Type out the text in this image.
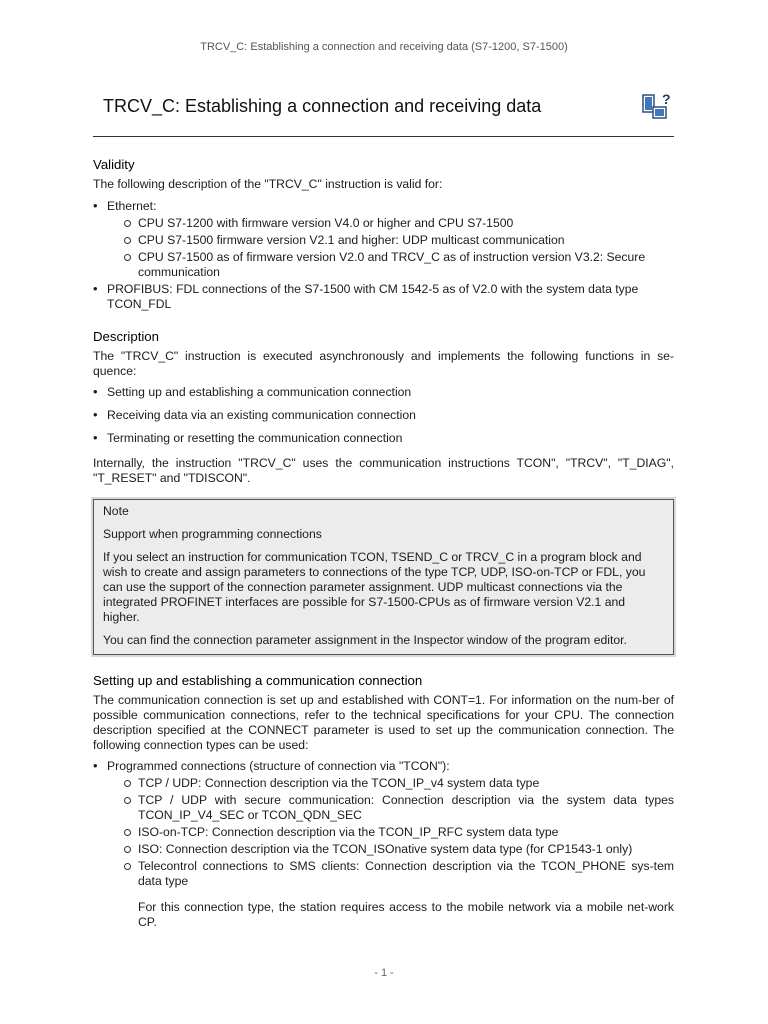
TRCV_C: Establishing a connection and receiving data (S7-1200, S7-1500)
TRCV_C: Establishing a connection and receiving data	?
Validity

The following description of the "TRCV_C" instruction is valid for:

• Ethernet:
CPU S7-1200 with firmware version V4.0 or higher and CPU S7-1500
CPU S7-1500 firmware version V2.1 and higher: UDP multicast communication
CPU S7-1500 as of firmware version V2.0 and TRCV_C as of instruction version V3.2: Secure communication
• PROFIBUS: FDL connections of the S7-1500 with CM 1542-5 as of V2.0 with the system data type TCON_FDL
Description

The "TRCV_C" instruction is executed asynchronously and implements the following functions in se-quence:

• Setting up and establishing a communication connection
• Receiving data via an existing communication connection
• Terminating or resetting the communication connection

Internally, the instruction "TRCV_C" uses the communication instructions TCON", "TRCV", "T_DIAG", "T_RESET" and "TDISCON".

Note
Support when programming connections
If you select an instruction for communication TCON, TSEND_C or TRCV_C in a program block and wish to create and assign parameters to connections of the type TCP, UDP, ISO-on-TCP or FDL, you can use the support of the connection parameter assignment. UDP multicast connections via the integrated PROFINET interfaces are possible for S7-1500-CPUs as of firmware version V2.1 and higher.
You can find the connection parameter assignment in the Inspector window of the program editor.
Setting up and establishing a communication connection

The communication connection is set up and established with CONT=1. For information on the num-ber of possible communication connections, refer to the technical specifications for your CPU. The connection description specified at the CONNECT parameter is used to set up the communication connection. The following connection types can be used:

• Programmed connections (structure of connection via "TCON"):
TCP / UDP: Connection description via the TCON_IP_v4 system data type
TCP / UDP with secure communication: Connection description via the system data types TCON_IP_V4_SEC or TCON_QDN_SEC
ISO-on-TCP: Connection description via the TCON_IP_RFC system data type
ISO: Connection description via the TCON_ISOnative system data type (for CP1543-1 only)
Telecontrol connections to SMS clients: Connection description via the TCON_PHONE sys-tem data type

For this connection type, the station requires access to the mobile network via a mobile net-work CP.

- 1 -
